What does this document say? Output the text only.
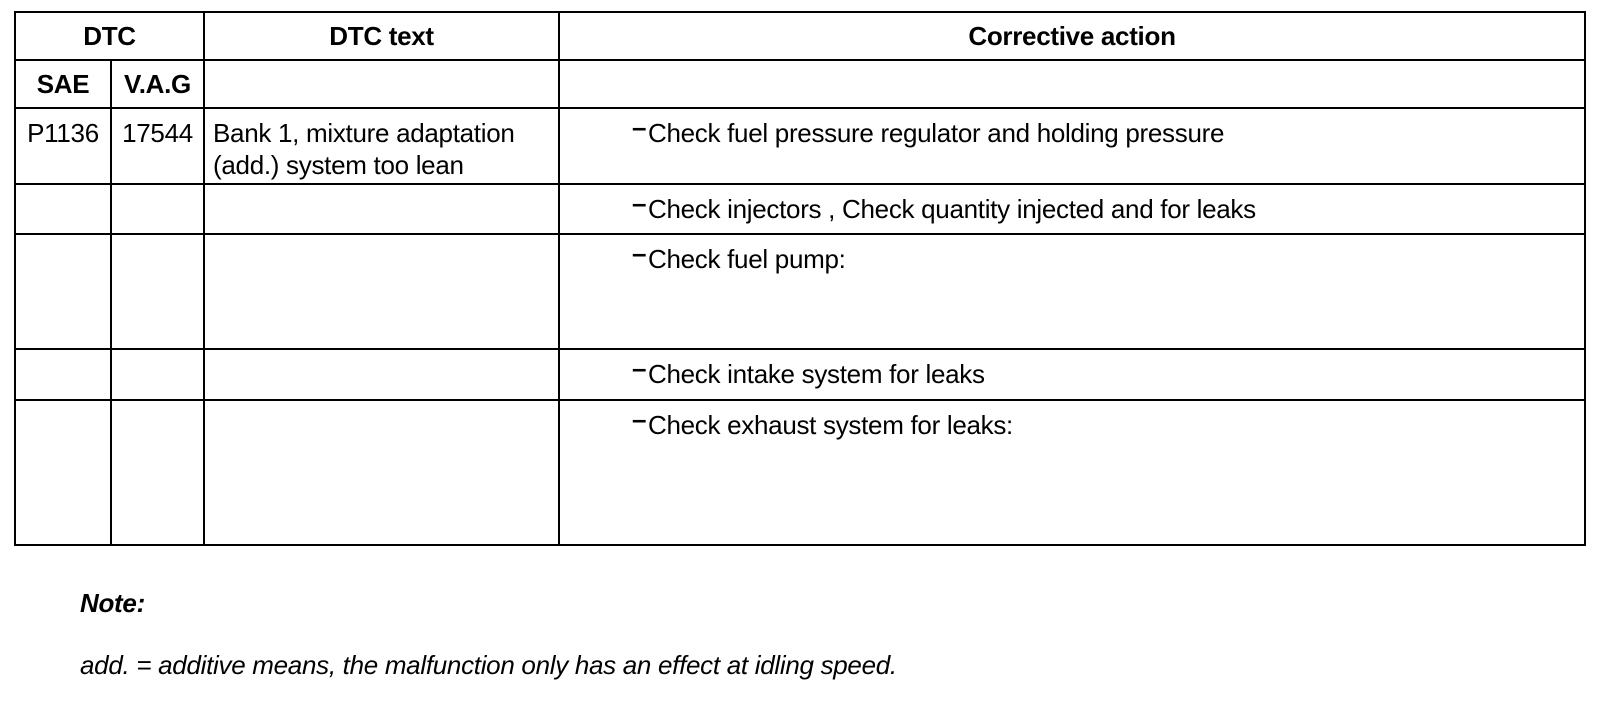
DTC		DTC text	Corrective action
SAE	V.A.G		
P1136	17544	Bank 1, mixture adaptation (add.) system too lean	– Check fuel pressure regulator and holding pressure

			– Check injectors , Check quantity injected and for leaks

			– Check fuel pump:

			– Check intake system for leaks

			– Check exhaust system for leaks:
Note:
add. = additive means, the malfunction only has an effect at idling speed.
